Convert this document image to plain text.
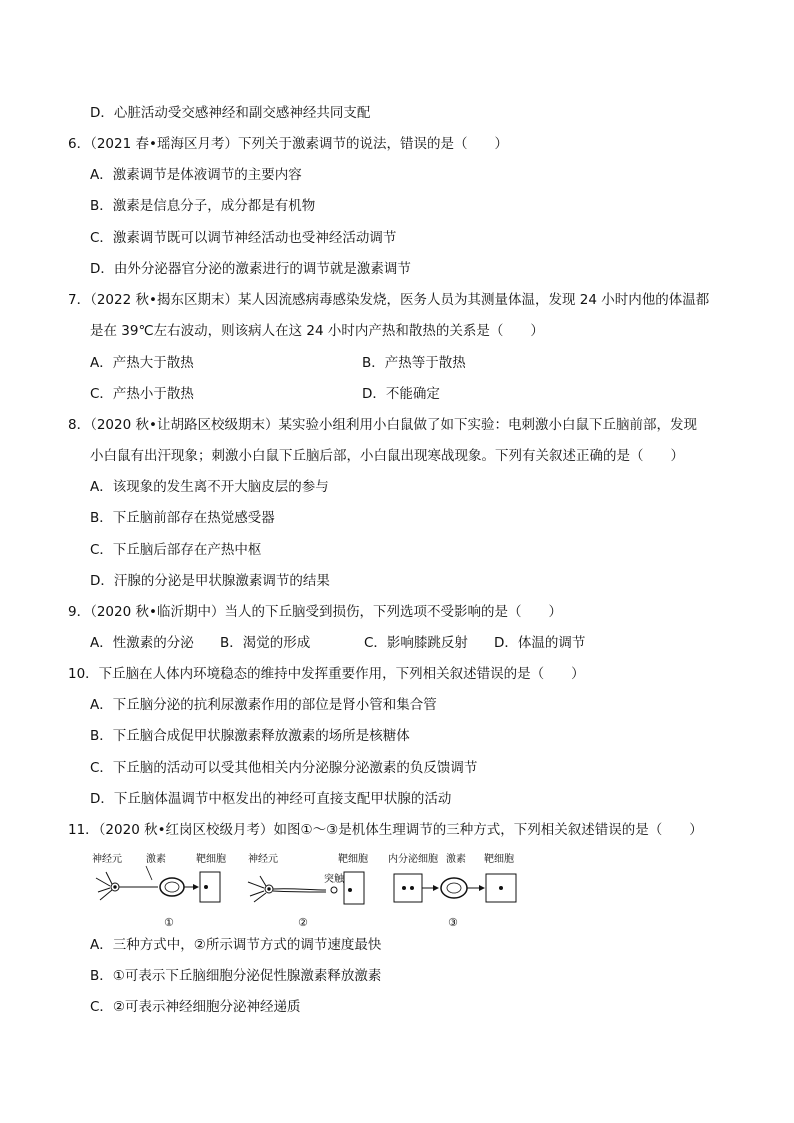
D．心脏活动受交感神经和副交感神经共同支配
6．（2021 春•瑶海区月考）下列关于激素调节的说法，错误的是（　　）
A．激素调节是体液调节的主要内容
B．激素是信息分子，成分都是有机物
C．激素调节既可以调节神经活动也受神经活动调节
D．由外分泌器官分泌的激素进行的调节就是激素调节
7．（2022 秋•揭东区期末）某人因流感病毒感染发烧，医务人员为其测量体温，发现 24 小时内他的体温都
是在 39℃左右波动，则该病人在这 24 小时内产热和散热的关系是（　　）
A．产热大于散热	B．产热等于散热
C．产热小于散热	D．不能确定
8．（2020 秋•让胡路区校级期末）某实验小组利用小白鼠做了如下实验：电刺激小白鼠下丘脑前部，发现
小白鼠有出汗现象；刺激小白鼠下丘脑后部，小白鼠出现寒战现象。下列有关叙述正确的是（　　）
A．该现象的发生离不开大脑皮层的参与
B．下丘脑前部存在热觉感受器
C．下丘脑后部存在产热中枢
D．汗腺的分泌是甲状腺激素调节的结果
9．（2020 秋•临沂期中）当人的下丘脑受到损伤，下列选项不受影响的是（　　）
A．性激素的分泌 B．渴觉的形成	C．影响膝跳反射 D．体温的调节
10．下丘脑在人体内环境稳态的维持中发挥重要作用，下列相关叙述错误的是（　　）
A．下丘脑分泌的抗利尿激素作用的部位是肾小管和集合管
B．下丘脑合成促甲状腺激素释放激素的场所是核糖体
C．下丘脑的活动可以受其他相关内分泌腺分泌激素的负反馈调节
D．下丘脑体温调节中枢发出的神经可直接支配甲状腺的活动
11．（2020 秋•红岗区校级月考）如图①～③是机体生理调节的三种方式，下列相关叙述错误的是（　　）
神经元 激素	靶细胞
①
神经元	靶细胞
突触
②
内分泌细胞 激素 靶细胞
③
A．三种方式中，②所示调节方式的调节速度最快
B．①可表示下丘脑细胞分泌促性腺激素释放激素
C．②可表示神经细胞分泌神经递质
